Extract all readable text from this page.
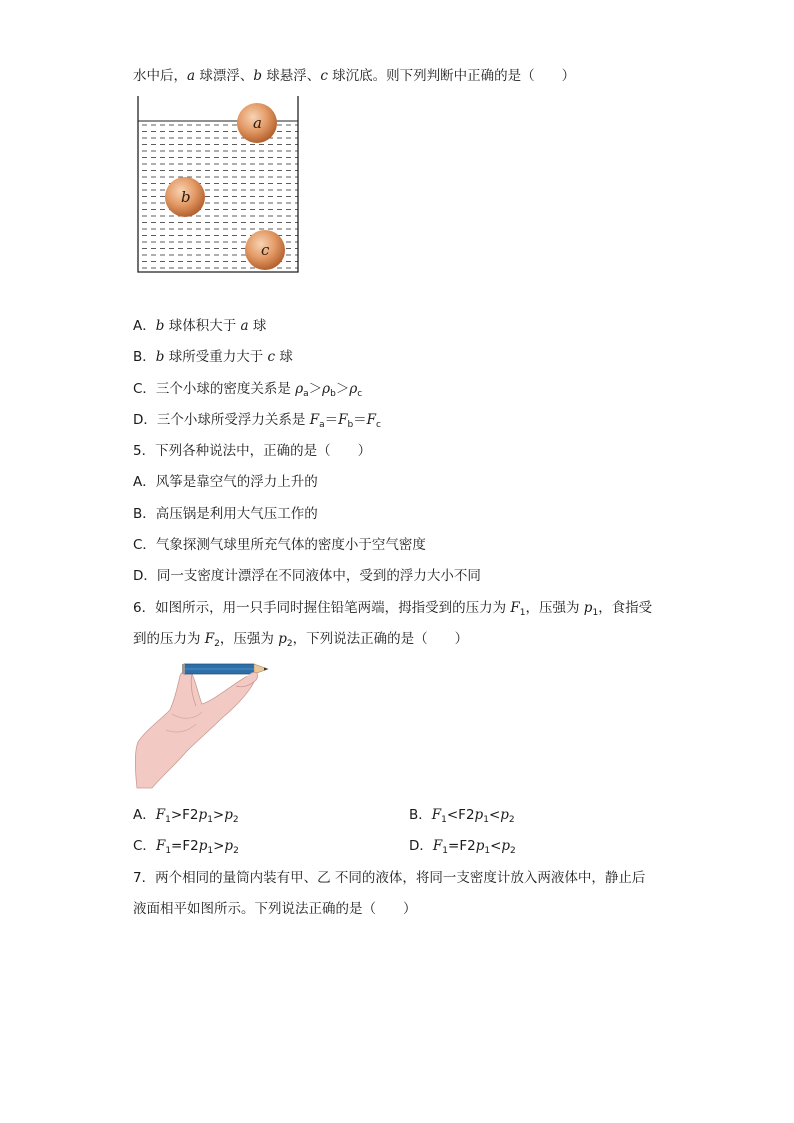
水中后，a 球漂浮、b 球悬浮、c 球沉底。则下列判断中正确的是（　　）
a
b
c
A．b 球体积大于 a 球
B．b 球所受重力大于 c 球
C．三个小球的密度关系是 $\rho_a>\rho_b>\rho_c$
D．三个小球所受浮力关系是 $F_a=F_b=F_c$
5．下列各种说法中，正确的是（　　）
A．风筝是靠空气的浮力上升的
B．高压锅是利用大气压工作的
C．气象探测气球里所充气体的密度小于空气密度
D．同一支密度计漂浮在不同液体中，受到的浮力大小不同
6．如图所示，用一只手同时握住铅笔两端，拇指受到的压力为 $F_1$，压强为 $p_1$，食指受
到的压力为 $F_2$，压强为 $p_2$，下列说法正确的是（　　）
A．$F_1>F2p_1>p_2$	B．$F_1<F2p_1<p_2$
C．$F_1=F2p_1>p_2$	D．$F_1=F2p_1<p_2$
7．两个相同的量筒内装有甲、乙 不同的液体，将同一支密度计放入两液体中，静止后
液面相平如图所示。下列说法正确的是（　　）
